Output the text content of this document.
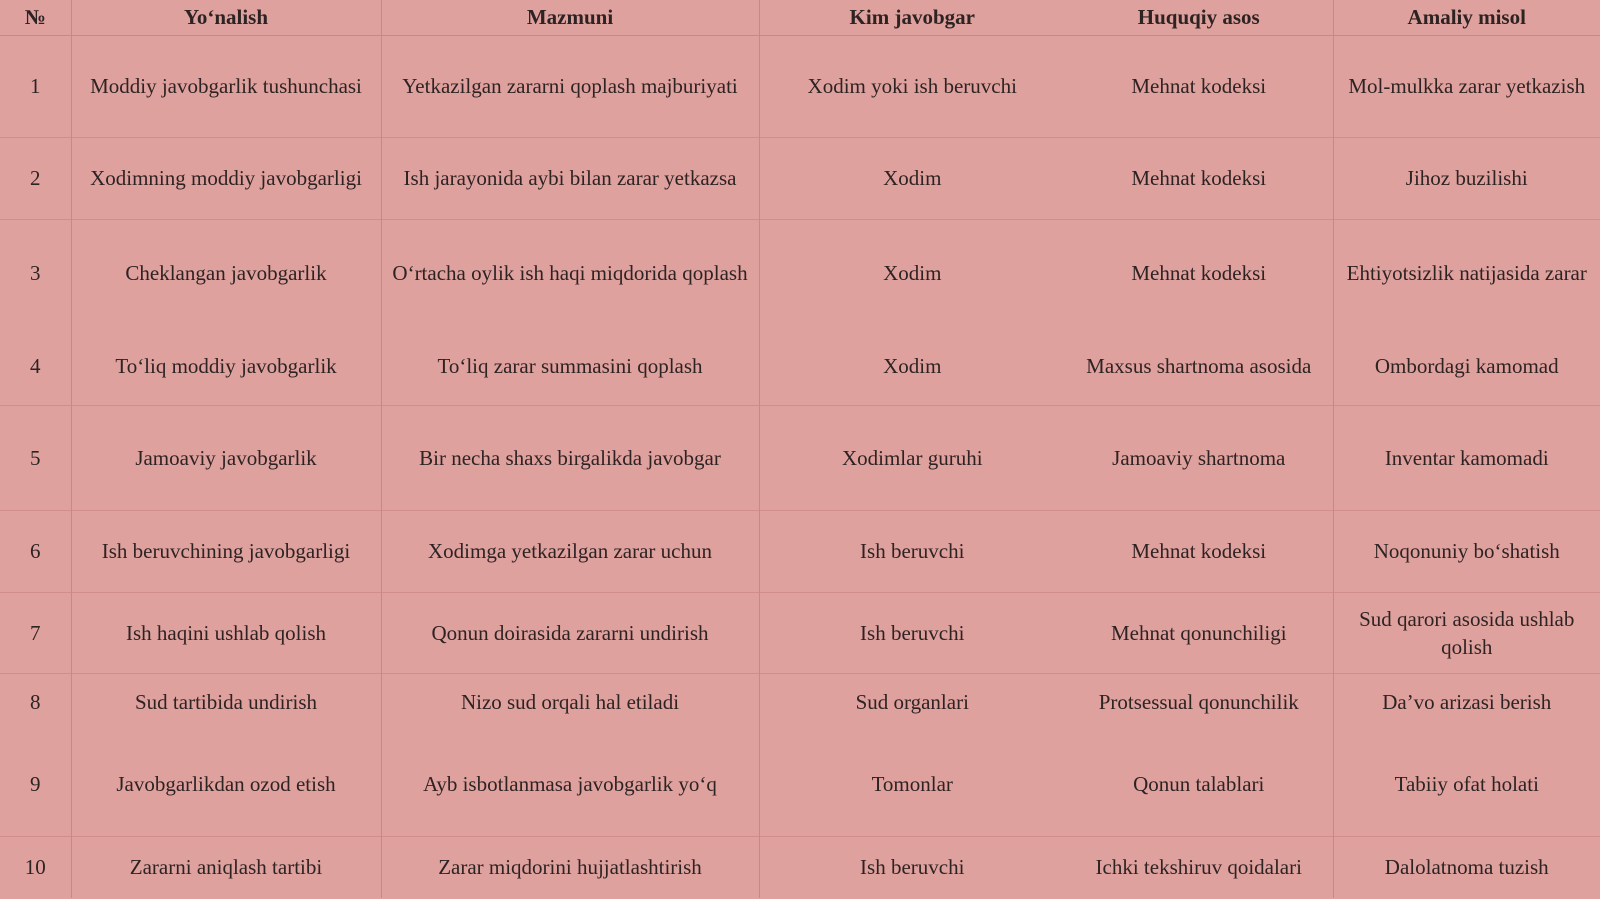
№	Yo‘nalish	Mazmuni	Kim javobgar	Huquqiy asos	Amaliy misol
1	Moddiy javobgarlik tushunchasi	Yetkazilgan zararni qoplash majburiyati	Xodim yoki ish beruvchi	Mehnat kodeksi	Mol-mulkka zarar yetkazish
2	Xodimning moddiy javobgarligi	Ish jarayonida aybi bilan zarar yetkazsa	Xodim	Mehnat kodeksi	Jihoz buzilishi
3	Cheklangan javobgarlik	O‘rtacha oylik ish haqi miqdorida qoplash	Xodim	Mehnat kodeksi	Ehtiyotsizlik natijasida zarar
4	To‘liq moddiy javobgarlik	To‘liq zarar summasini qoplash	Xodim	Maxsus shartnoma asosida	Ombordagi kamomad
5	Jamoaviy javobgarlik	Bir necha shaxs birgalikda javobgar	Xodimlar guruhi	Jamoaviy shartnoma	Inventar kamomadi
6	Ish beruvchining javobgarligi	Xodimga yetkazilgan zarar uchun	Ish beruvchi	Mehnat kodeksi	Noqonuniy bo‘shatish
7	Ish haqini ushlab qolish	Qonun doirasida zararni undirish	Ish beruvchi	Mehnat qonunchiligi	Sud qarori asosida ushlab qolish
8	Sud tartibida undirish	Nizo sud orqali hal etiladi	Sud organlari	Protsessual qonunchilik	Da’vo arizasi berish
9	Javobgarlikdan ozod etish	Ayb isbotlanmasa javobgarlik yo‘q	Tomonlar	Qonun talablari	Tabiiy ofat holati
10	Zararni aniqlash tartibi	Zarar miqdorini hujjatlashtirish	Ish beruvchi	Ichki tekshiruv qoidalari	Dalolatnoma tuzish
